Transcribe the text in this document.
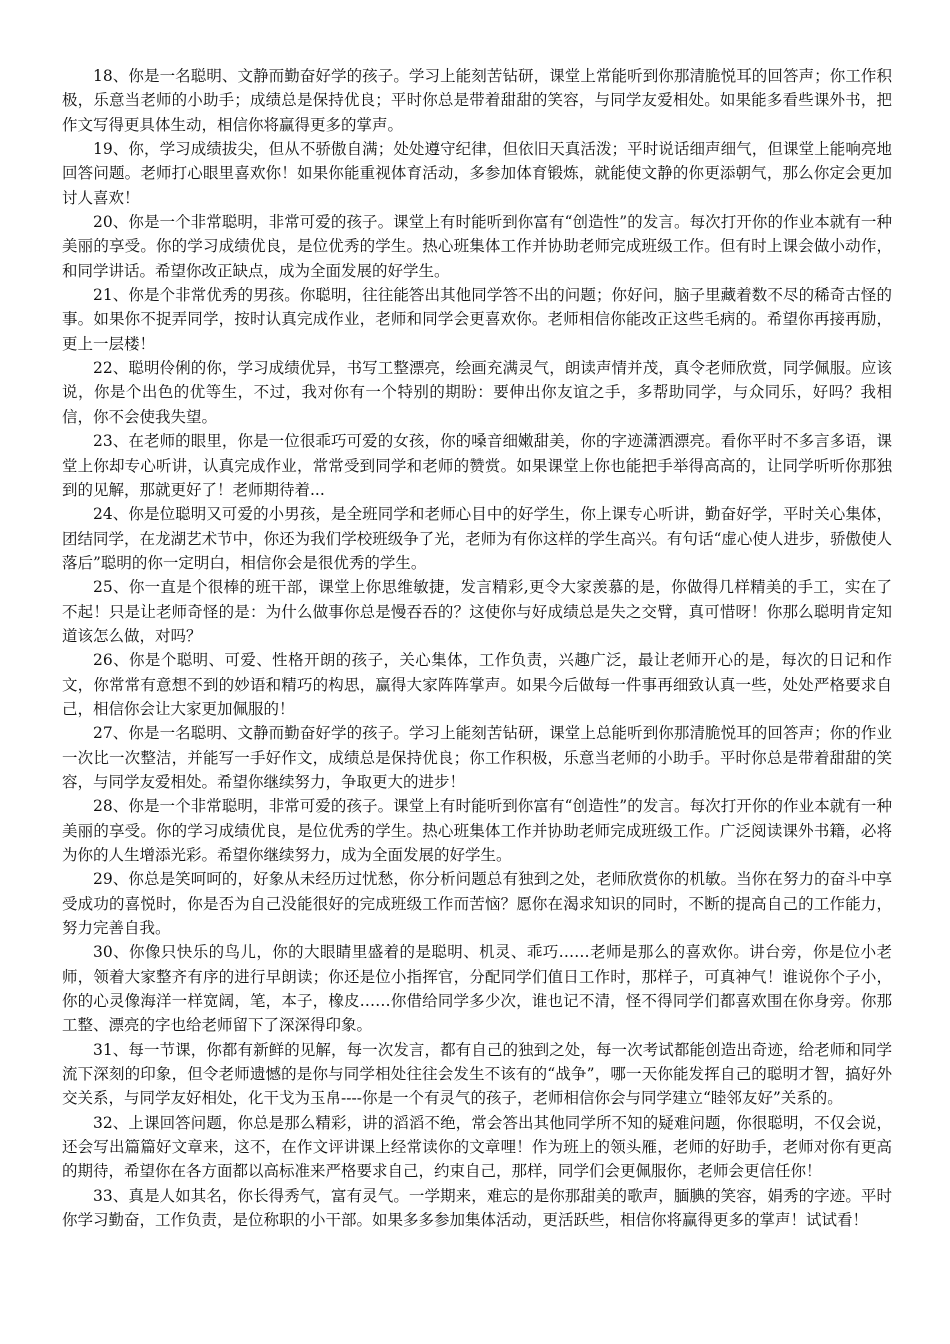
18、你是一名聪明、文静而勤奋好学的孩子。学习上能刻苦钻研，课堂上常能听到你那清脆悦耳的回答声；你工作积极，乐意当老师的小助手；成绩总是保持优良；平时你总是带着甜甜的笑容，与同学友爱相处。如果能多看些课外书，把作文写得更具体生动，相信你将赢得更多的掌声。

19、你，学习成绩拔尖，但从不骄傲自满；处处遵守纪律，但依旧天真活泼；平时说话细声细气，但课堂上能响亮地回答问题。老师打心眼里喜欢你！如果你能重视体育活动，多参加体育锻炼，就能使文静的你更添朝气，那么你定会更加讨人喜欢！

20、你是一个非常聪明，非常可爱的孩子。课堂上有时能听到你富有“创造性”的发言。每次打开你的作业本就有一种美丽的享受。你的学习成绩优良，是位优秀的学生。热心班集体工作并协助老师完成班级工作。但有时上课会做小动作，和同学讲话。希望你改正缺点，成为全面发展的好学生。

21、你是个非常优秀的男孩。你聪明，往往能答出其他同学答不出的问题；你好问，脑子里藏着数不尽的稀奇古怪的事。如果你不捉弄同学，按时认真完成作业，老师和同学会更喜欢你。老师相信你能改正这些毛病的。希望你再接再励，更上一层楼！

22、聪明伶俐的你，学习成绩优异，书写工整漂亮，绘画充满灵气，朗读声情并茂，真令老师欣赏，同学佩服。应该说，你是个出色的优等生，不过，我对你有一个特别的期盼：要伸出你友谊之手，多帮助同学，与众同乐，好吗？我相信，你不会使我失望。

23、在老师的眼里，你是一位很乖巧可爱的女孩，你的嗓音细嫩甜美，你的字迹潇洒漂亮。看你平时不多言多语，课堂上你却专心听讲，认真完成作业，常常受到同学和老师的赞赏。如果课堂上你也能把手举得高高的，让同学听听你那独到的见解，那就更好了！老师期待着...

24、你是位聪明又可爱的小男孩，是全班同学和老师心目中的好学生，你上课专心听讲，勤奋好学，平时关心集体，团结同学，在龙湖艺术节中，你还为我们学校班级争了光，老师为有你这样的学生高兴。有句话“虚心使人进步，骄傲使人落后”聪明的你一定明白，相信你会是很优秀的学生。

25、你一直是个很棒的班干部，课堂上你思维敏捷，发言精彩,更令大家羡慕的是，你做得几样精美的手工，实在了不起！只是让老师奇怪的是：为什么做事你总是慢吞吞的？这使你与好成绩总是失之交臂，真可惜呀！你那么聪明肯定知道该怎么做，对吗？

26、你是个聪明、可爱、性格开朗的孩子，关心集体，工作负责，兴趣广泛，最让老师开心的是，每次的日记和作文，你常常有意想不到的妙语和精巧的构思，赢得大家阵阵掌声。如果今后做每一件事再细致认真一些，处处严格要求自己，相信你会让大家更加佩服的！

27、你是一名聪明、文静而勤奋好学的孩子。学习上能刻苦钻研，课堂上总能听到你那清脆悦耳的回答声；你的作业一次比一次整洁，并能写一手好作文，成绩总是保持优良；你工作积极，乐意当老师的小助手。平时你总是带着甜甜的笑容，与同学友爱相处。希望你继续努力，争取更大的进步！

28、你是一个非常聪明，非常可爱的孩子。课堂上有时能听到你富有“创造性”的发言。每次打开你的作业本就有一种美丽的享受。你的学习成绩优良，是位优秀的学生。热心班集体工作并协助老师完成班级工作。广泛阅读课外书籍，必将为你的人生增添光彩。希望你继续努力，成为全面发展的好学生。

29、你总是笑呵呵的，好象从未经历过忧愁，你分析问题总有独到之处，老师欣赏你的机敏。当你在努力的奋斗中享受成功的喜悦时，你是否为自己没能很好的完成班级工作而苦恼？愿你在渴求知识的同时，不断的提高自己的工作能力，努力完善自我。

30、你像只快乐的鸟儿，你的大眼睛里盛着的是聪明、机灵、乖巧……老师是那么的喜欢你。讲台旁，你是位小老师，领着大家整齐有序的进行早朗读；你还是位小指挥官，分配同学们值日工作时，那样子，可真神气！谁说你个子小，你的心灵像海洋一样宽阔，笔，本子，橡皮……你借给同学多少次，谁也记不清，怪不得同学们都喜欢围在你身旁。你那工整、漂亮的字也给老师留下了深深得印象。

31、每一节课，你都有新鲜的见解，每一次发言，都有自己的独到之处，每一次考试都能创造出奇迹，给老师和同学流下深刻的印象，但令老师遗憾的是你与同学相处往往会发生不该有的“战争”，哪一天你能发挥自己的聪明才智，搞好外交关系，与同学友好相处，化干戈为玉帛----你是一个有灵气的孩子，老师相信你会与同学建立“睦邻友好”关系的。

32、上课回答问题，你总是那么精彩，讲的滔滔不绝，常会答出其他同学所不知的疑难问题，你很聪明，不仅会说，还会写出篇篇好文章来，这不，在作文评讲课上经常读你的文章哩！作为班上的领头雁，老师的好助手，老师对你有更高的期待，希望你在各方面都以高标准来严格要求自己，约束自己，那样，同学们会更佩服你，老师会更信任你！

33、真是人如其名，你长得秀气，富有灵气。一学期来，难忘的是你那甜美的歌声，腼腆的笑容，娟秀的字迹。平时你学习勤奋，工作负责，是位称职的小干部。如果多多参加集体活动，更活跃些，相信你将赢得更多的掌声！试试看！
